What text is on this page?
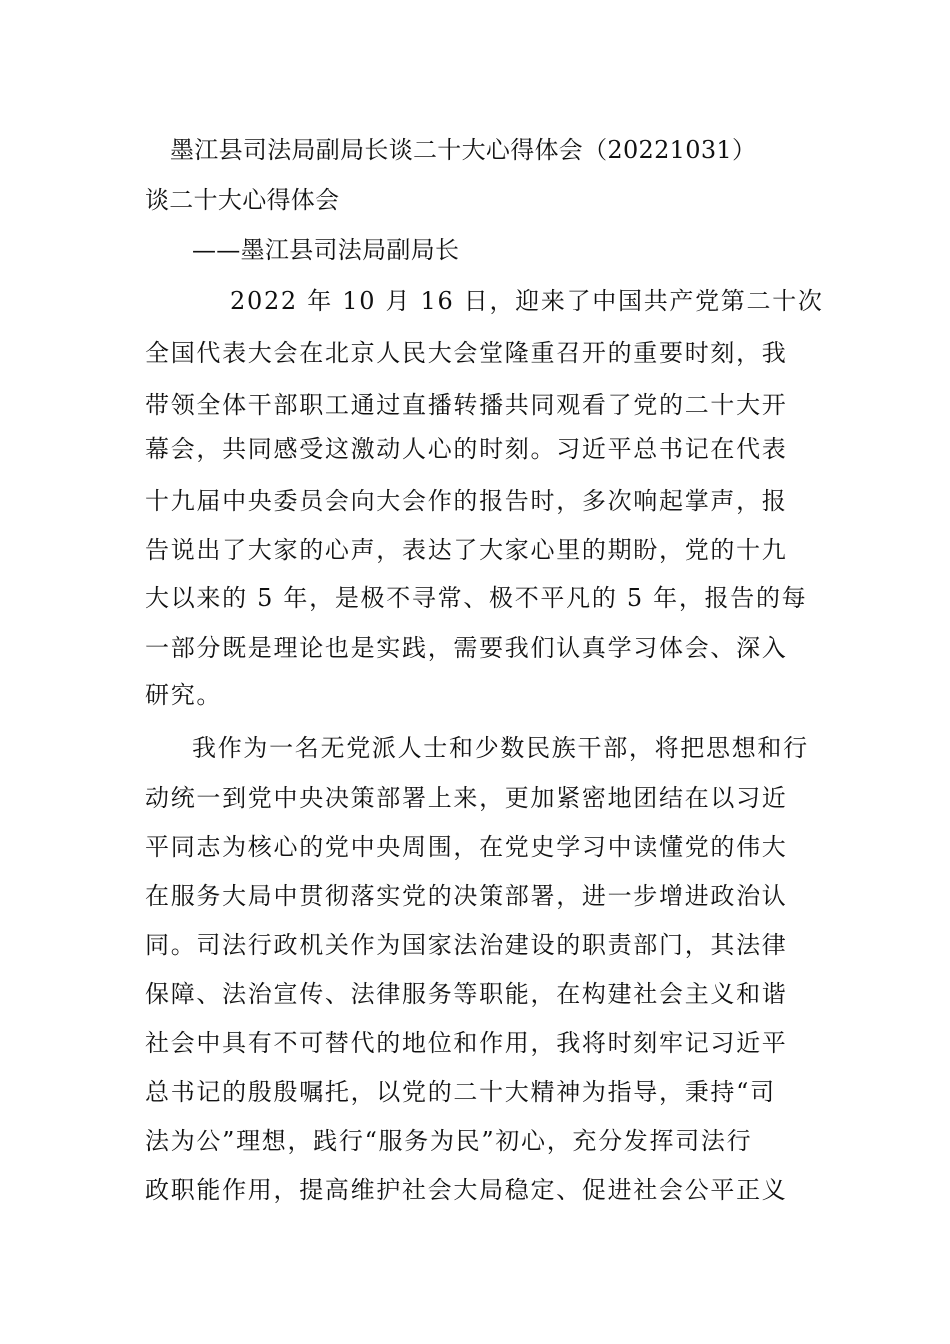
墨江县司法局副局长谈二十大心得体会（20221031）
谈二十大心得体会
——墨江县司法局副局长
2022 年 10 月 16 日，迎来了中国共产党第二十次
全国代表大会在北京人民大会堂隆重召开的重要时刻，我
带领全体干部职工通过直播转播共同观看了党的二十大开
幕会，共同感受这激动人心的时刻。习近平总书记在代表
十九届中央委员会向大会作的报告时，多次响起掌声，报
告说出了大家的心声，表达了大家心里的期盼，党的十九
大以来的 5 年，是极不寻常、极不平凡的 5 年，报告的每
一部分既是理论也是实践，需要我们认真学习体会、深入
研究。
我作为一名无党派人士和少数民族干部，将把思想和行
动统一到党中央决策部署上来，更加紧密地团结在以习近
平同志为核心的党中央周围，在党史学习中读懂党的伟大
在服务大局中贯彻落实党的决策部署，进一步增进政治认
同。司法行政机关作为国家法治建设的职责部门，其法律
保障、法治宣传、法律服务等职能，在构建社会主义和谐
社会中具有不可替代的地位和作用，我将时刻牢记习近平
总书记的殷殷嘱托，以党的二十大精神为指导，秉持“司
法为公”理想，践行“服务为民”初心，充分发挥司法行
政职能作用，提高维护社会大局稳定、促进社会公平正义
